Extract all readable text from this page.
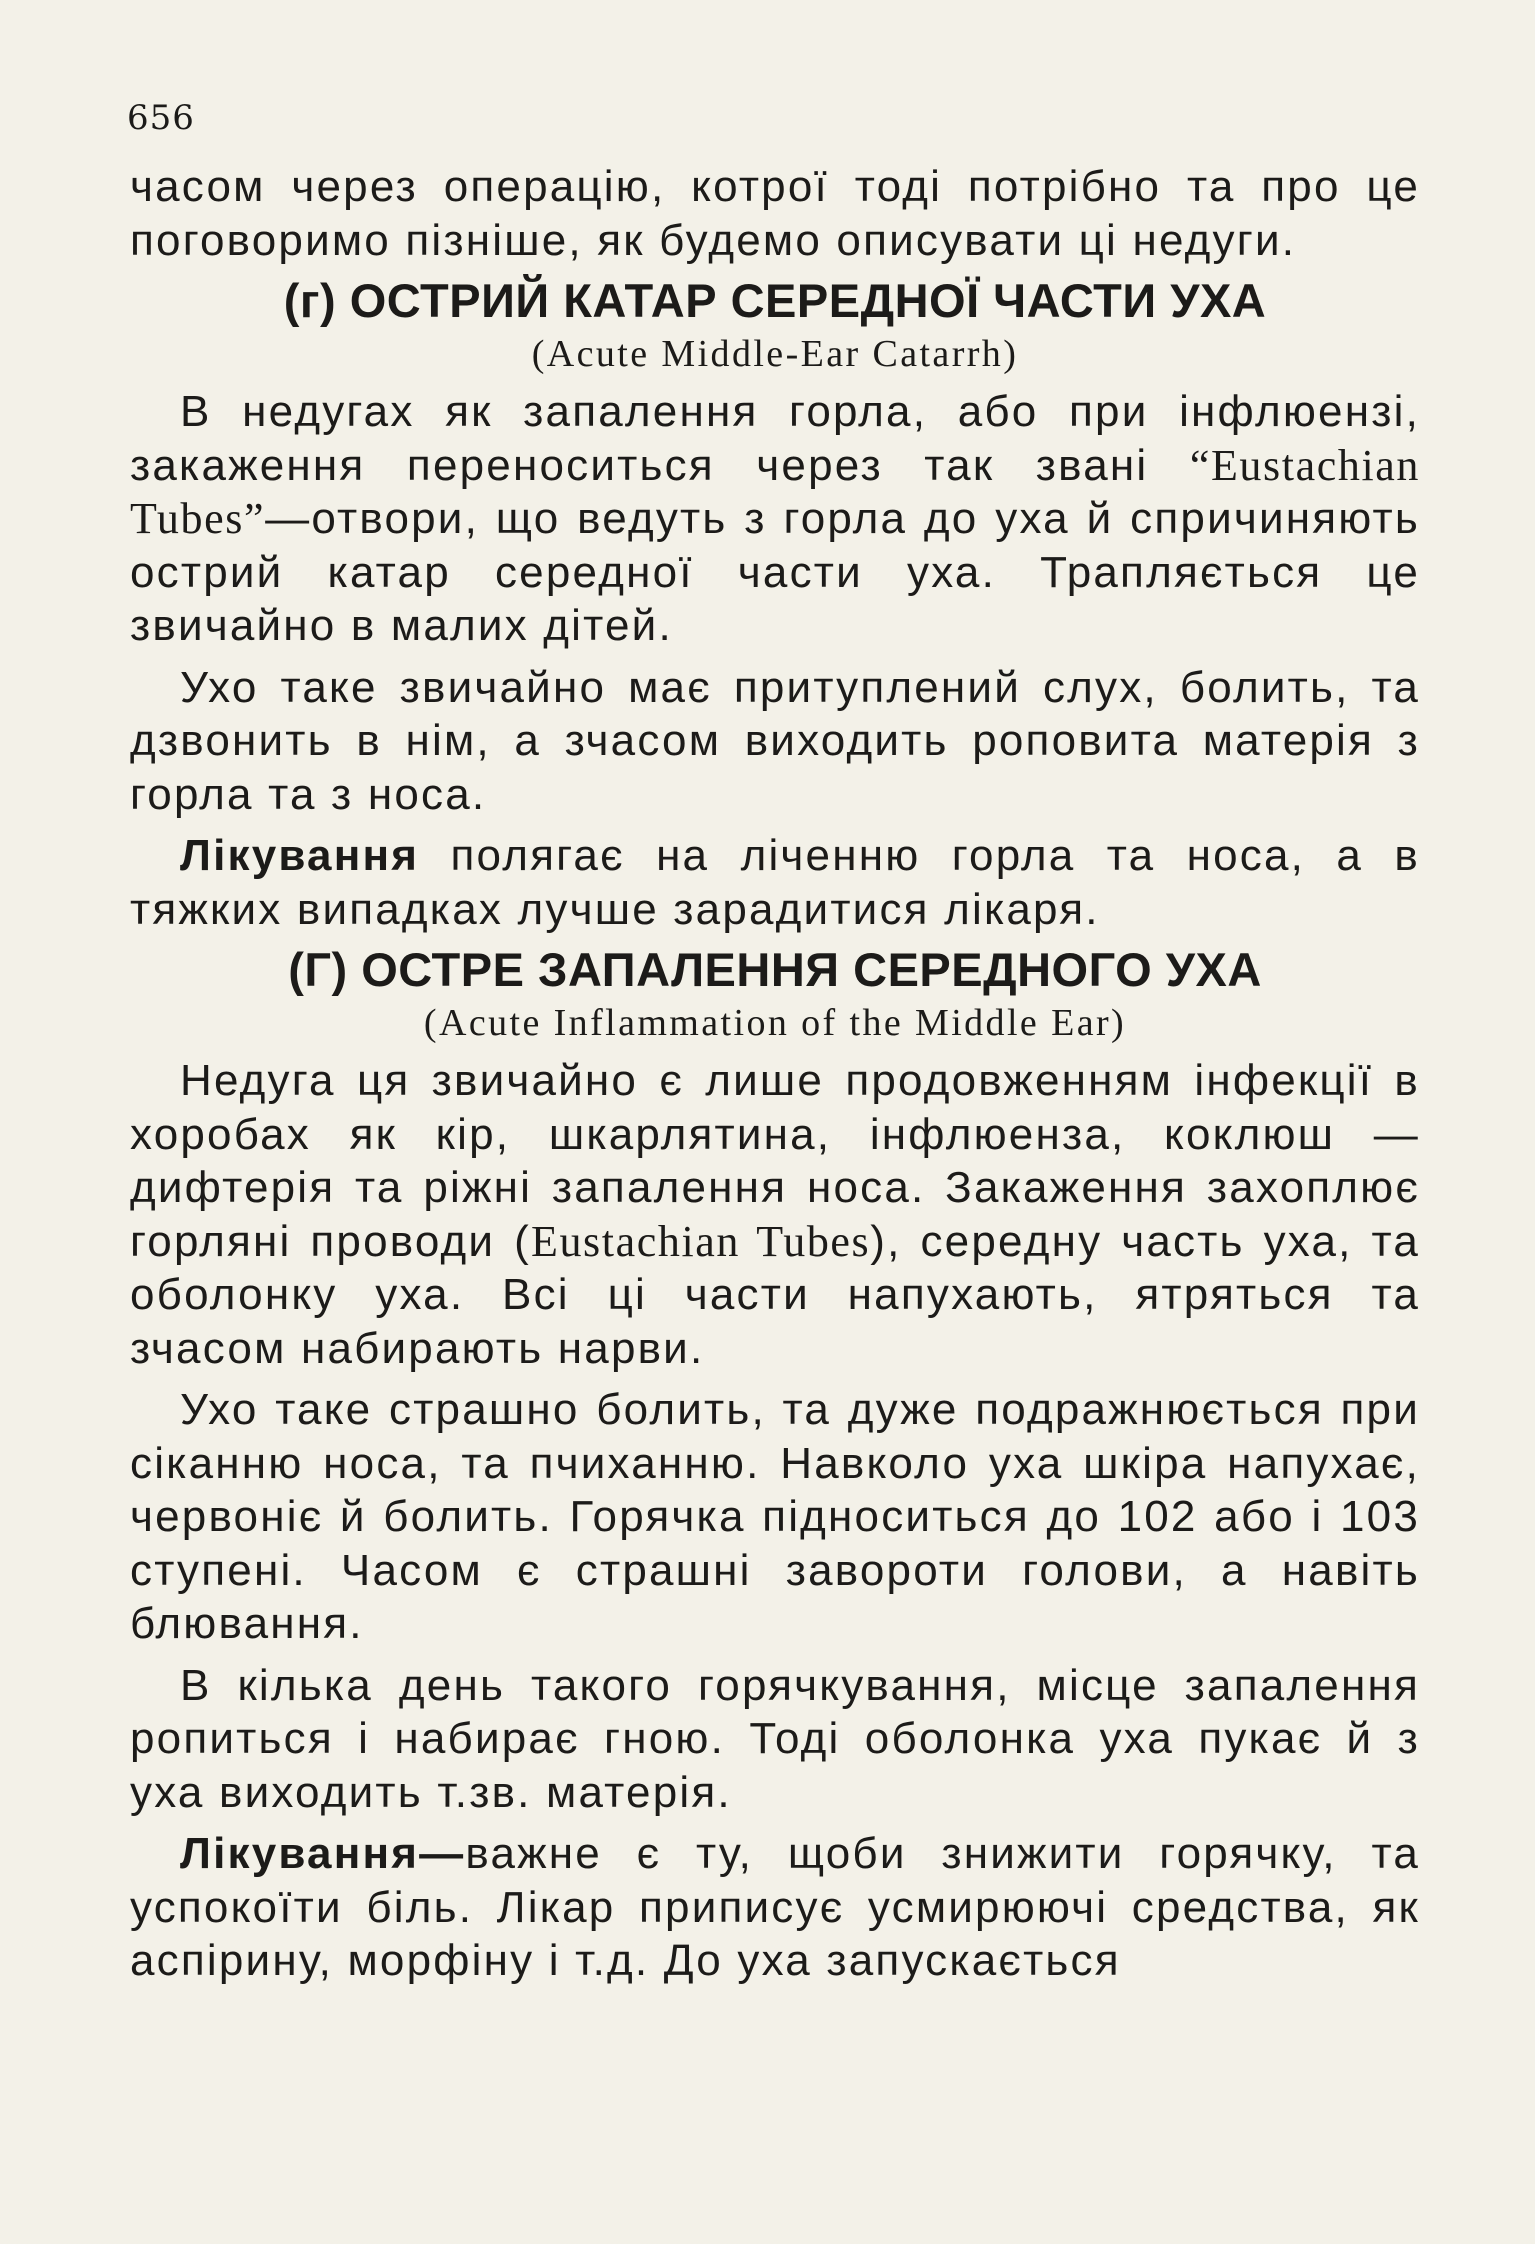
656

часом через операцію, котрої тоді потрібно та про це поговоримо пізніше, як будемо описувати ці недуги.

(г) ОСТРИЙ КАТАР СЕРЕДНОЇ ЧАСТИ УХА
(Acute Middle-Ear Catarrh)

В недугах як запалення горла, або при інфлюензі, закаження переноситься через так звані “Eustachian Tubes”—отвори, що ведуть з горла до уха й спричиняють острий катар середної части уха. Трапляється це звичайно в малих дітей.

Ухо таке звичайно має притуплений слух, болить, та дзвонить в нім, а зчасом виходить роповита матерія з горла та з носа.

Лікування полягає на ліченню горла та носа, а в тяжких випадках лучше зарадитися лікаря.

(Г) ОСТРЕ ЗАПАЛЕННЯ СЕРЕДНОГО УХА
(Acute Inflammation of the Middle Ear)

Недуга ця звичайно є лише продовженням інфекції в хоробах як кір, шкарлятина, інфлюенза, коклюш —дифтерія та ріжні запалення носа. Закаження захоплює горляні проводи (Eustachian Tubes), середну часть уха, та оболонку уха. Всі ці части напухають, ятряться та зчасом набирають нарви.

Ухо таке страшно болить, та дуже подражнюється при сіканню носа, та пчиханню. Навколо уха шкіра напухає, червоніє й болить. Горячка підноситься до 102 або і 103 ступені. Часом є страшні завороти голови, а навіть блювання.

В кілька день такого горячкування, місце запалення ропиться і набирає гною. Тоді оболонка уха пукає й з уха виходить т.зв. матерія.

Лікування—важне є ту, щоби знижити горячку, та успокоїти біль. Лікар приписує усмирюючі средства, як аспірину, морфіну і т.д. До уха запускається
